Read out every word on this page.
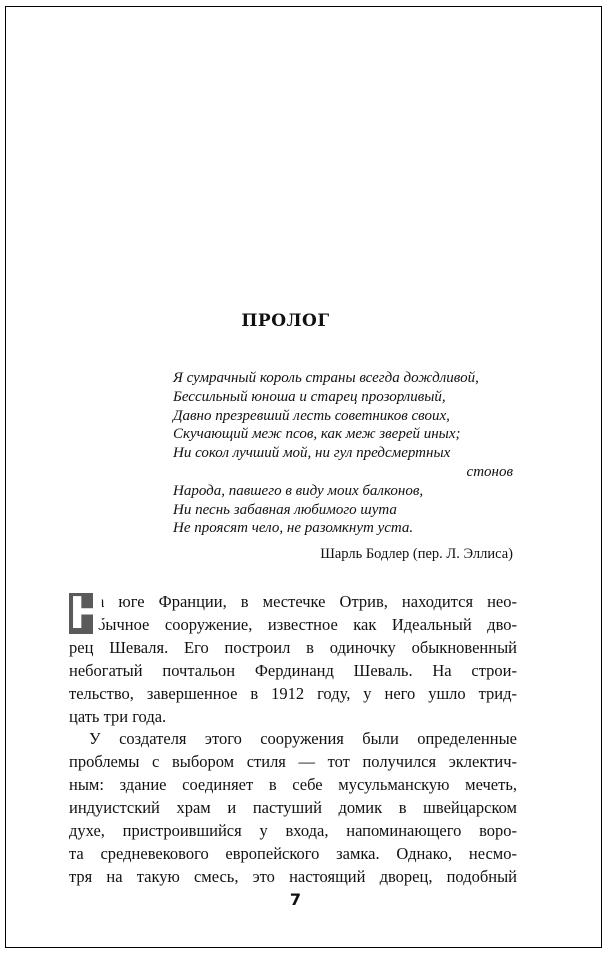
ПРОЛОГ
Я сумрачный король страны всегда дождливой,
Бессильный юноша и старец прозорливый,
Давно презревший лесть советников своих,
Скучающий меж псов, как меж зверей иных;
Ни сокол лучший мой, ни гул предсмертных
стонов
Народа, павшего в виду моих балконов,
Ни песнь забавная любимого шута
Не проясят чело, не разомкнут уста.
Шарль Бодлер (пер. Л. Эллиса)
Н
а юге Франции, в местечке Отрив, находится нео-
бычное сооружение, известное как Идеальный дво-
рец Шеваля. Его построил в одиночку обыкновенный
небогатый почтальон Фердинанд Шеваль. На строи-
тельство, завершенное в 1912 году, у него ушло трид-
цать три года.
У создателя этого сооружения были определенные
проблемы с выбором стиля — тот получился эклектич-
ным: здание соединяет в себе мусульманскую мечеть,
индуистский храм и пастуший домик в швейцарском
духе, пристроившийся у входа, напоминающего воро-
та средневекового европейского замка. Однако, несмо-
тря на такую смесь, это настоящий дворец, подобный
7
